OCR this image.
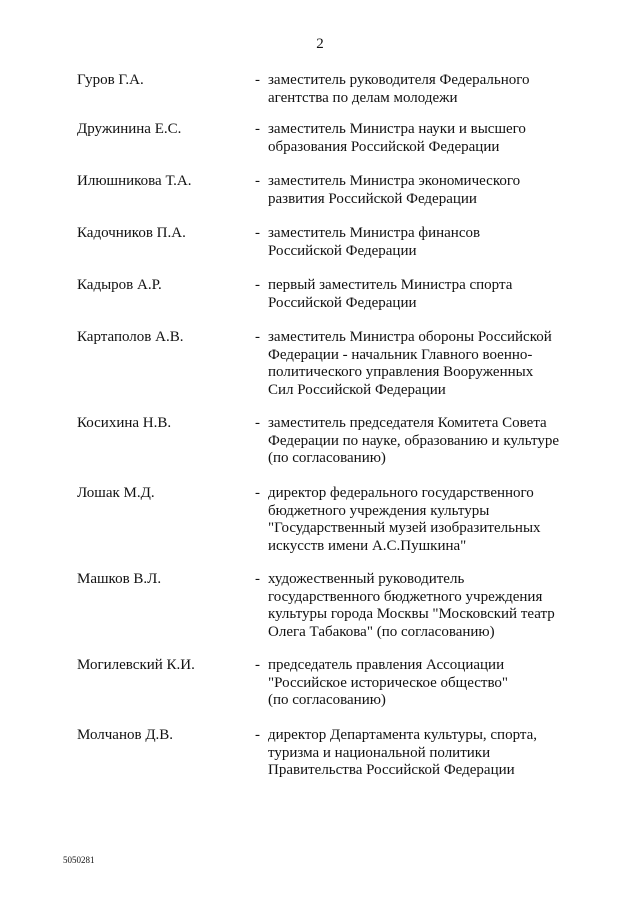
2
Гуров Г.А.	- заместитель руководителя Федерального
агентства по делам молодежи
Дружинина Е.С.	- заместитель Министра науки и высшего
образования Российской Федерации
Илюшникова Т.А.	- заместитель Министра экономического
развития Российской Федерации
Кадочников П.А.	- заместитель Министра финансов
Российской Федерации
Кадыров А.Р.	- первый заместитель Министра спорта
Российской Федерации
Картаполов А.В.	- заместитель Министра обороны Российской
Федерации - начальник Главного военно-
политического управления Вооруженных
Сил Российской Федерации
Косихина Н.В.	- заместитель председателя Комитета Совета
Федерации по науке, образованию и культуре
(по согласованию)
Лошак М.Д.	- директор федерального государственного
бюджетного учреждения культуры
"Государственный музей изобразительных
искусств имени А.С.Пушкина"
Машков В.Л.	- художественный руководитель
государственного бюджетного учреждения
культуры города Москвы "Московский театр
Олега Табакова" (по согласованию)
Могилевский К.И.	- председатель правления Ассоциации
"Российское историческое общество"
(по согласованию)
Молчанов Д.В.	- директор Департамента культуры, спорта,
туризма и национальной политики
Правительства Российской Федерации
5050281
